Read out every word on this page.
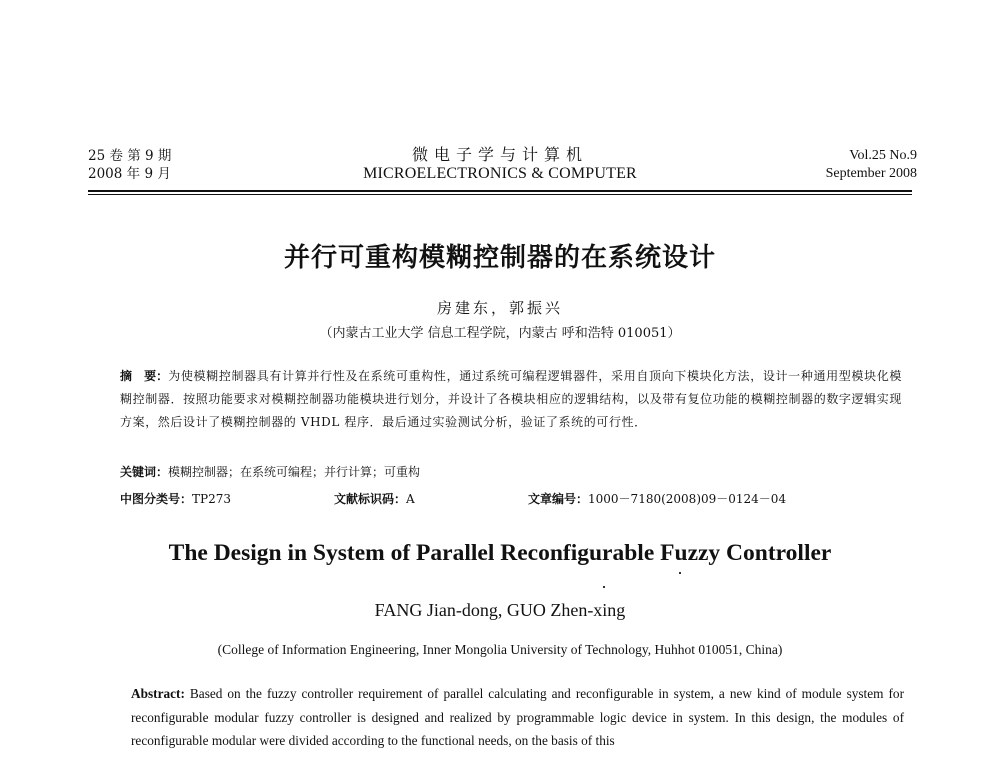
25 卷 第 9 期
2008 年 9 月
微电子学与计算机
MICROELECTRONICS & COMPUTER
Vol.25 No.9
September 2008
并行可重构模糊控制器的在系统设计
房建东，郭振兴
（内蒙古工业大学 信息工程学院，内蒙古 呼和浩特 010051）
摘　要：为使模糊控制器具有计算并行性及在系统可重构性，通过系统可编程逻辑器件，采用自顶向下模块化方法，设计一种通用型模块化模糊控制器．按照功能要求对模糊控制器功能模块进行划分，并设计了各模块相应的逻辑结构，以及带有复位功能的模糊控制器的数字逻辑实现方案，然后设计了模糊控制器的 VHDL 程序．最后通过实验测试分析，验证了系统的可行性．
关键词：模糊控制器；在系统可编程；并行计算；可重构
中图分类号：TP273	文献标识码：A	文章编号：1000－7180(2008)09－0124－04
The Design in System of Parallel Reconfigurable Fuzzy Controller
FANG Jian-dong, GUO Zhen-xing
(College of Information Engineering, Inner Mongolia University of Technology, Huhhot 010051, China)
Abstract: Based on the fuzzy controller requirement of parallel calculating and reconfigurable in system, a new kind of module system for reconfigurable modular fuzzy controller is designed and realized by programmable logic device in system. In this design, the modules of reconfigurable modular were divided according to the functional needs, on the basis of this
